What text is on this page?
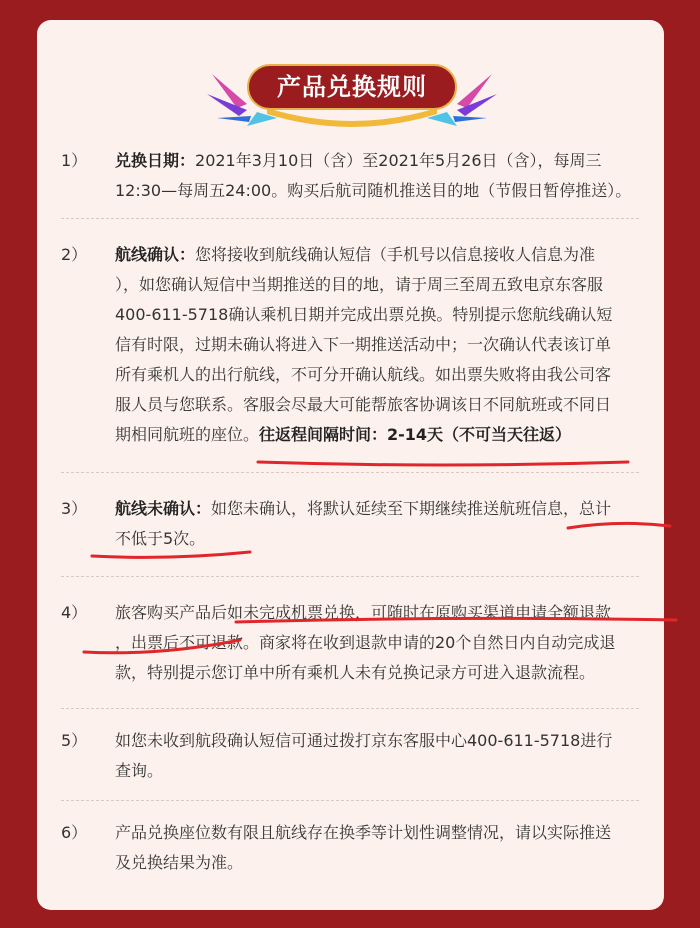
产品兑换规则
1）	兑换日期：2021年3月10日（含）至2021年5月26日（含），每周三
12:30—每周五24:00。购买后航司随机推送目的地（节假日暂停推送）。
2）	航线确认：您将接收到航线确认短信（手机号以信息接收人信息为准
），如您确认短信中当期推送的目的地，请于周三至周五致电京东客服
400-611-5718确认乘机日期并完成出票兑换。特别提示您航线确认短
信有时限，过期未确认将进入下一期推送活动中；一次确认代表该订单
所有乘机人的出行航线，不可分开确认航线。如出票失败将由我公司客
服人员与您联系。客服会尽最大可能帮旅客协调该日不同航班或不同日
期相同航班的座位。往返程间隔时间：2-14天（不可当天往返）
3）	航线未确认：如您未确认，将默认延续至下期继续推送航班信息，总计
不低于5次。
4）	旅客购买产品后如未完成机票兑换，可随时在原购买渠道申请全额退款
，出票后不可退款。商家将在收到退款申请的20个自然日内自动完成退
款，特别提示您订单中所有乘机人未有兑换记录方可进入退款流程。
5）	如您未收到航段确认短信可通过拨打京东客服中心400-611-5718进行
查询。
6）	产品兑换座位数有限且航线存在换季等计划性调整情况，请以实际推送
及兑换结果为准。
